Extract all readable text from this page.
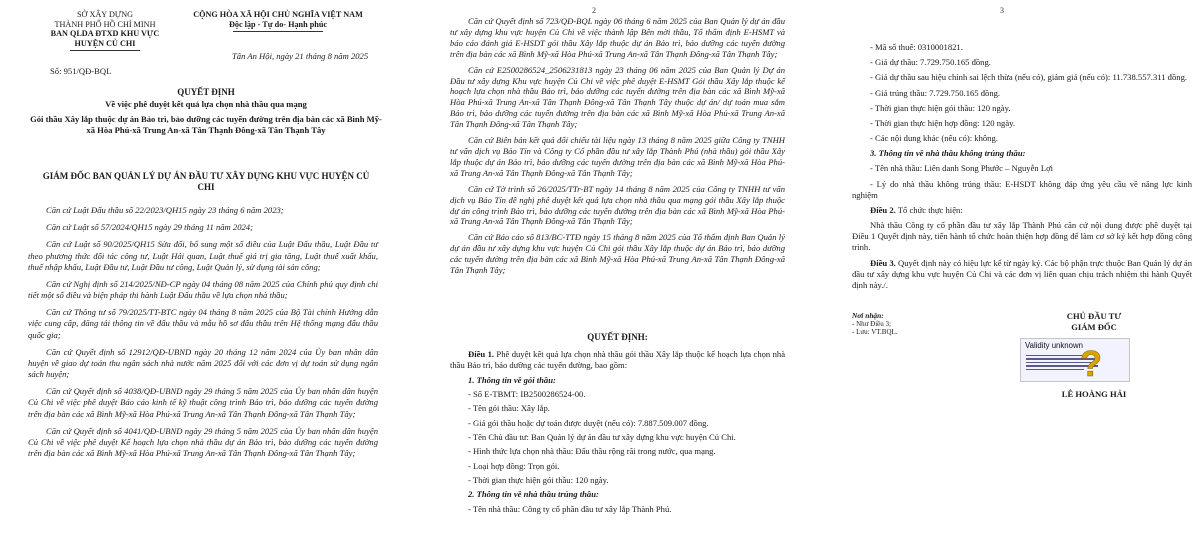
SỞ XÂY DỰNG
THÀNH PHỐ HỒ CHÍ MINH
BAN QLDA ĐTXD KHU VỰC
HUYỆN CỦ CHI
CỘNG HÒA XÃ HỘI CHỦ NGHĨA VIỆT NAM
Độc lập - Tự do- Hạnh phúc
Tân An Hội, ngày 21 tháng 8 năm 2025
Số: 951/QĐ-BQL
QUYẾT ĐỊNH
Về việc phê duyệt kết quả lựa chọn nhà thầu qua mạng
Gói thầu Xây lắp thuộc dự án Bảo trì, bảo dưỡng các tuyến đường trên địa bàn các xã Bình Mỹ-xã Hòa Phú-xã Trung An-xã Tân Thạnh Đông-xã Tân Thạnh Tây
GIÁM ĐỐC BAN QUẢN LÝ DỰ ÁN ĐẦU TƯ XÂY DỰNG KHU VỰC HUYỆN CỦ CHI

Căn cứ Luật Đấu thầu số 22/2023/QH15 ngày 23 tháng 6 năm 2023;

Căn cứ Luật số 57/2024/QH15 ngày 29 tháng 11 năm 2024;

Căn cứ Luật số 90/2025/QH15 Sửa đổi, bổ sung một số điều của Luật Đấu thầu, Luật Đầu tư theo phương thức đối tác công tư, Luật Hải quan, Luật thuế giá trị gia tăng, Luật thuế xuất khẩu, thuế nhập khẩu, Luật Đầu tư, Luật Đầu tư công, Luật Quản lý, sử dụng tài sản công;

Căn cứ Nghị định số 214/2025/NĐ-CP ngày 04 tháng 08 năm 2025 của Chính phủ quy định chi tiết một số điều và biện pháp thi hành Luật Đấu thầu về lựa chọn nhà thầu;

Căn cứ Thông tư số 79/2025/TT-BTC ngày 04 tháng 8 năm 2025 của Bộ Tài chính Hướng dẫn việc cung cấp, đăng tải thông tin về đấu thầu và mẫu hồ sơ đấu thầu trên Hệ thống mạng đấu thầu quốc gia;

Căn cứ Quyết định số 12912/QĐ-UBND ngày 20 tháng 12 năm 2024 của Ủy ban nhân dân huyện về giao dự toán thu ngân sách nhà nước năm 2025 đối với các đơn vị dự toán sử dụng ngân sách huyện;

Căn cứ Quyết định số 4038/QĐ-UBND ngày 29 tháng 5 năm 2025 của Ủy ban nhân dân huyện Củ Chi về việc phê duyệt Báo cáo kinh tế kỹ thuật công trình Bảo trì, bảo dưỡng các tuyến đường trên địa bàn các xã Bình Mỹ-xã Hòa Phú-xã Trung An-xã Tân Thạnh Đông-xã Tân Thạnh Tây;

Căn cứ Quyết định số 4041/QĐ-UBND ngày 29 tháng 5 năm 2025 của Ủy ban nhân dân huyện Củ Chi về việc phê duyệt Kế hoạch lựa chọn nhà thầu dự án Bảo trì, bảo dưỡng các tuyến đường trên địa bàn các xã Bình Mỹ-xã Hòa Phú-xã Trung An-xã Tân Thạnh Đông-xã Tân Thạnh Tây;

2

Căn cứ Quyết định số 723/QĐ-BQL ngày 06 tháng 6 năm 2025 của Ban Quản lý dự án đầu tư xây dựng khu vực huyện Củ Chi về việc thành lập Bên mời thầu, Tổ thẩm định E-HSMT và báo cáo đánh giá E-HSDT gói thầu Xây lắp thuộc dự án Bảo trì, bảo dưỡng các tuyến đường trên địa bàn các xã Bình Mỹ-xã Hòa Phú-xã Trung An-xã Tân Thạnh Đông-xã Tân Thạnh Tây;

Căn cứ E2500286524_2506231813 ngày 23 tháng 06 năm 2025 của Ban Quản lý Dự án Đầu tư xây dựng Khu vực huyện Củ Chi về việc phê duyệt E-HSMT Gói thầu Xây lắp thuộc kế hoạch lựa chọn nhà thầu Bảo trì, bảo dưỡng các tuyến đường trên địa bàn các xã Bình Mỹ-xã Hòa Phú-xã Trung An-xã Tân Thạnh Đông-xã Tân Thạnh Tây thuộc dự án/ dự toán mua sắm Bảo trì, bảo dưỡng các tuyến đường trên địa bàn các xã Bình Mỹ-xã Hòa Phú-xã Trung An-xã Tân Thạnh Đông-xã Tân Thạnh Tây;

Căn cứ Biên bản kết quả đối chiếu tài liệu ngày 13 tháng 8 năm 2025 giữa Công ty TNHH tư vấn dịch vụ Bảo Tín và Công ty Cổ phần đầu tư xây lắp Thành Phú (nhà thầu) gói thầu Xây lắp thuộc dự án Bảo trì, bảo dưỡng các tuyến đường trên địa bàn các xã Bình Mỹ-xã Hòa Phú-xã Trung An-xã Tân Thạnh Đông-xã Tân Thạnh Tây;

Căn cứ Tờ trình số 26/2025/TTr-BT ngày 14 tháng 8 năm 2025 của Công ty TNHH tư vấn dịch vụ Bảo Tín đề nghị phê duyệt kết quả lựa chọn nhà thầu qua mạng gói thầu Xây lắp thuộc dự án công trình Bảo trì, bảo dưỡng các tuyến đường trên địa bàn các xã Bình Mỹ-xã Hòa Phú-xã Trung An-xã Tân Thạnh Đông-xã Tân Thạnh Tây;

Căn cứ Báo cáo số 813/BC-TTĐ ngày 15 tháng 8 năm 2025 của Tổ thẩm định Ban Quản lý dự án đầu tư xây dựng khu vực huyện Củ Chi gói thầu Xây lắp thuộc dự án Bảo trì, bảo dưỡng các tuyến đường trên địa bàn các xã Bình Mỹ-xã Hòa Phú-xã Trung An-xã Tân Thạnh Đông-xã Tân Thạnh Tây;

QUYẾT ĐỊNH:

Điều 1. Phê duyệt kết quả lựa chọn nhà thầu gói thầu Xây lắp thuộc kế hoạch lựa chọn nhà thầu Bảo trì, bảo dưỡng các tuyến đường, bao gồm:

1. Thông tin về gói thầu:

- Số E-TBMT: IB2500286524-00.

- Tên gói thầu: Xây lắp.

- Giá gói thầu hoặc dự toán được duyệt (nếu có): 7.887.509.007 đồng.

- Tên Chủ đầu tư: Ban Quản lý dự án đầu tư xây dựng khu vực huyện Củ Chi.

- Hình thức lựa chọn nhà thầu: Đấu thầu rộng rãi trong nước, qua mạng.

- Loại hợp đồng: Trọn gói.

- Thời gian thực hiện gói thầu: 120 ngày.

2. Thông tin về nhà thầu trúng thầu:

- Tên nhà thầu: Công ty cổ phần đầu tư xây lắp Thành Phú.

3

- Mã số thuế: 0310001821.

- Giá dự thầu: 7.729.750.165 đồng.

- Giá dự thầu sau hiệu chỉnh sai lệch thừa (nếu có), giảm giá (nếu có): 11.738.557.311 đồng.

- Giá trúng thầu: 7.729.750.165 đồng.

- Thời gian thực hiện gói thầu: 120 ngày.

- Thời gian thực hiện hợp đồng: 120 ngày.

- Các nội dung khác (nếu có): không.

3. Thông tin về nhà thầu không trúng thầu:

- Tên nhà thầu: Liên danh Song Phước – Nguyễn Lợi

- Lý do nhà thầu không trúng thầu: E-HSDT không đáp ứng yêu cầu về năng lực kinh nghiệm

Điều 2. Tổ chức thực hiện:

Nhà thầu Công ty cổ phần đầu tư xây lắp Thành Phú căn cứ nội dung được phê duyệt tại Điều 1 Quyết định này, tiến hành tổ chức hoàn thiện hợp đồng để làm cơ sở ký kết hợp đồng công trình.

Điều 3. Quyết định này có hiệu lực kể từ ngày ký. Các bộ phận trực thuộc Ban Quản lý dự án đầu tư xây dựng khu vực huyện Củ Chi và các đơn vị liên quan chịu trách nhiệm thi hành Quyết định này./.

Nơi nhận:
- Như Điều 3;
- Lưu: VT.BQL.
CHỦ ĐẦU TƯ
GIÁM ĐỐC
Validity unknown
?
LÊ HOÀNG HẢI
